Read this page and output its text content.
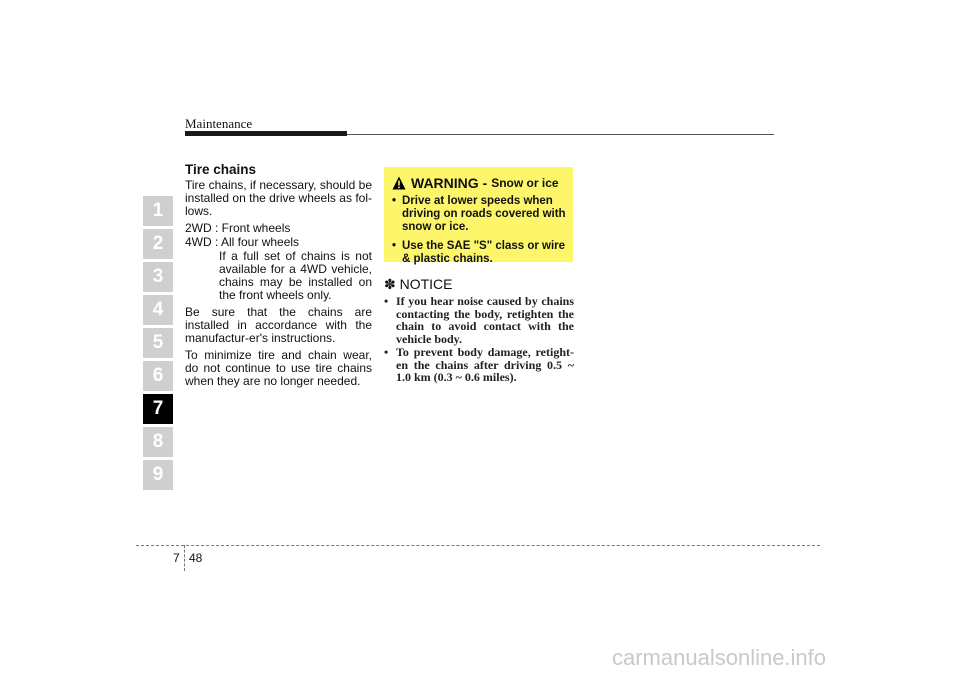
Maintenance
1
2
3
4
5
6
7
8
9
Tire chains

Tire chains, if necessary, should be installed on the drive wheels as fol-lows.

2WD : Front wheels

4WD : All four wheels

If a full set of chains is not available for a 4WD vehicle, chains may be installed on the front wheels only.

Be sure that the chains are installed in accordance with the manufactur-er's instructions.

To minimize tire and chain wear, do not continue to use tire chains when they are no longer needed.

WARNING - Snow or ice
• Drive at lower speeds when driving on roads covered with snow or ice.
• Use the SAE "S" class or wire & plastic chains.
✽ NOTICE
• If you hear noise caused by chains contacting the body, retighten the chain to avoid contact with the vehicle body.
• To prevent body damage, retight-en the chains after driving 0.5 ~ 1.0 km (0.3 ~ 0.6 miles).
7 48
carmanualsonline.info
